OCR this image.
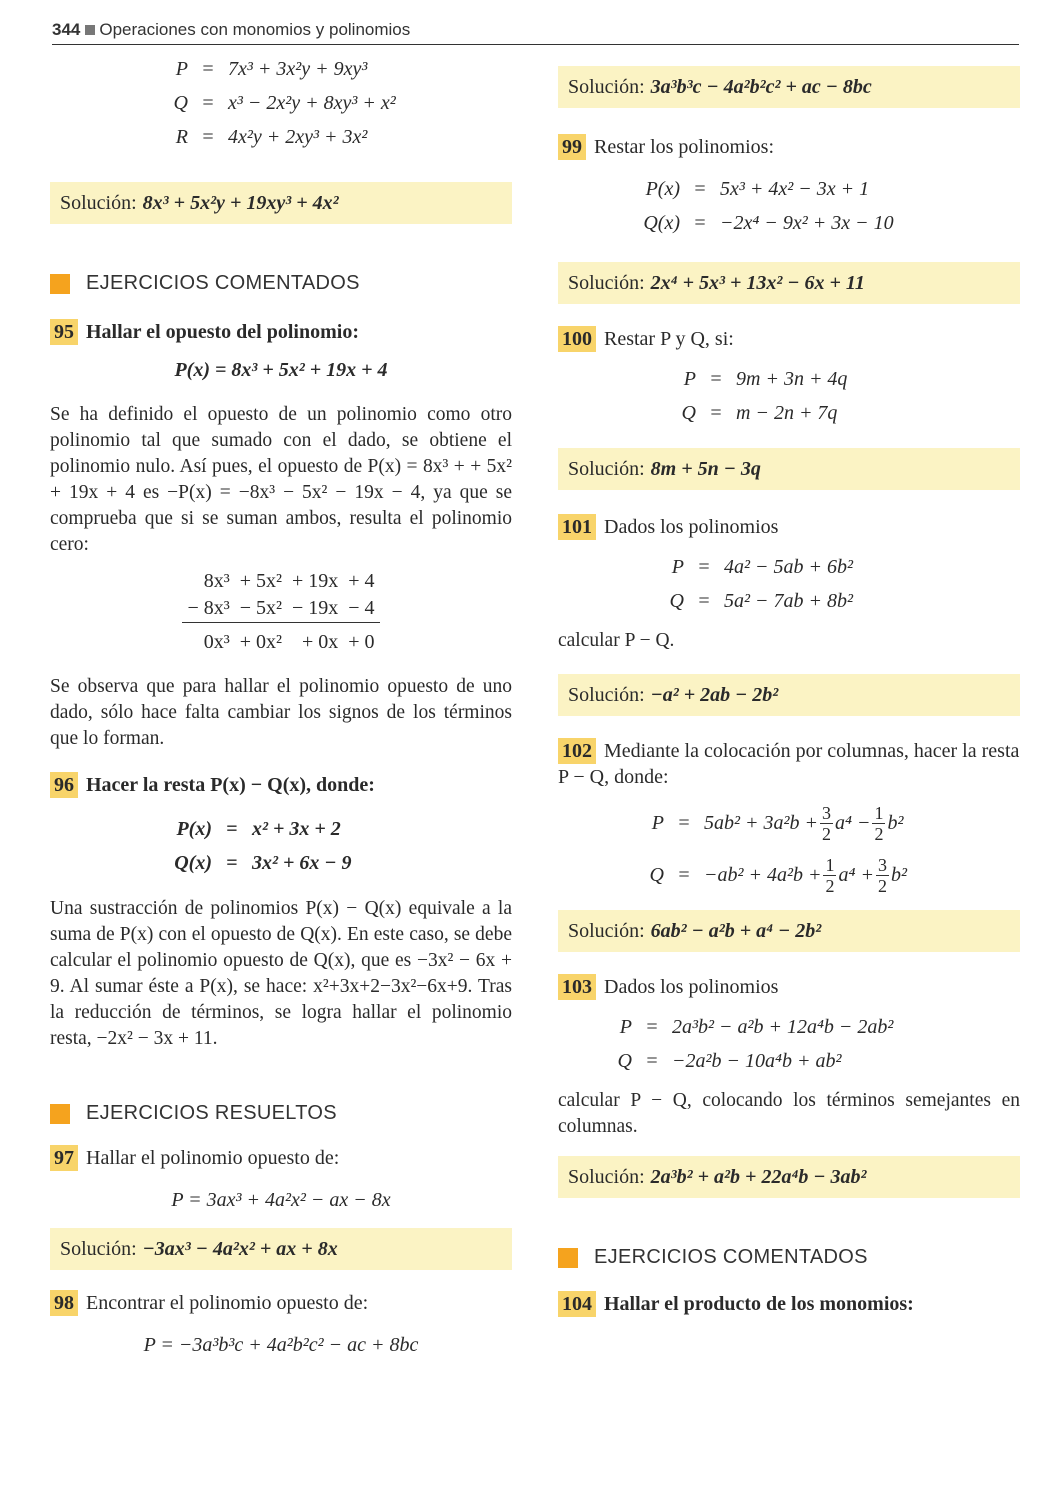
344 Operaciones con monomios y polinomios
P = 7x³ + 3x²y + 9xy³
Q = x³ − 2x²y + 8xy³ + x²
R = 4x²y + 2xy³ + 3x²
Solución: 8x³ + 5x²y + 19xy³ + 4x²
EJERCICIOS COMENTADOS
95 Hallar el opuesto del polinomio:
P(x) = 8x³ + 5x² + 19x + 4
Se ha definido el opuesto de un polinomio como otro polinomio tal que sumado con el dado, se obtiene el polinomio nulo. Así pues, el opuesto de P(x) = 8x³ + + 5x² + 19x + 4 es −P(x) = −8x³ − 5x² − 19x − 4, ya que se comprueba que si se suman ambos, resulta el polinomio cero:
8x³	+ 5x²	+ 19x	+ 4
− 8x³	− 5x²	− 19x	− 4
0x³	+ 0x²	+ 0x	+ 0
Se observa que para hallar el polinomio opuesto de uno dado, sólo hace falta cambiar los signos de los términos que lo forman.
96 Hacer la resta P(x) − Q(x), donde:
P(x) = x² + 3x + 2
Q(x) = 3x² + 6x − 9
Una sustracción de polinomios P(x) − Q(x) equivale a la suma de P(x) con el opuesto de Q(x). En este caso, se debe calcular el polinomio opuesto de Q(x), que es −3x² − 6x + 9. Al sumar éste a P(x), se hace: x²+3x+2−3x²−6x+9. Tras la reducción de términos, se logra hallar el polinomio resta, −2x² − 3x + 11.
EJERCICIOS RESUELTOS
97 Hallar el polinomio opuesto de:
P = 3ax³ + 4a²x² − ax − 8x
Solución: −3ax³ − 4a²x² + ax + 8x
98 Encontrar el polinomio opuesto de:
P = −3a³b³c + 4a²b²c² − ac + 8bc
Solución: 3a³b³c − 4a²b²c² + ac − 8bc
99 Restar los polinomios:
P(x) = 5x³ + 4x² − 3x + 1
Q(x) = −2x⁴ − 9x² + 3x − 10
Solución: 2x⁴ + 5x³ + 13x² − 6x + 11
100 Restar P y Q, si:
P = 9m + 3n + 4q
Q = m − 2n + 7q
Solución: 8m + 5n − 3q
101 Dados los polinomios
P = 4a² − 5ab + 6b²
Q = 5a² − 7ab + 8b²
calcular P − Q.
Solución: −a² + 2ab − 2b²
102 Mediante la colocación por columnas, hacer la resta P − Q, donde:
$P = 5ab^2 + 3a^2b + \frac{3}{2} a^4 - \frac{1}{2} b^2$
$Q = -ab^2 + 4a^2b + \frac{1}{2} a^4 + \frac{3}{2} b^2$
Solución: 6ab² − a²b + a⁴ − 2b²
103 Dados los polinomios
P = 2a³b² − a²b + 12a⁴b − 2ab²
Q = −2a²b − 10a⁴b + ab²
calcular P − Q, colocando los términos semejantes en columnas.
Solución: 2a³b² + a²b + 22a⁴b − 3ab²
EJERCICIOS COMENTADOS
104 Hallar el producto de los monomios:
